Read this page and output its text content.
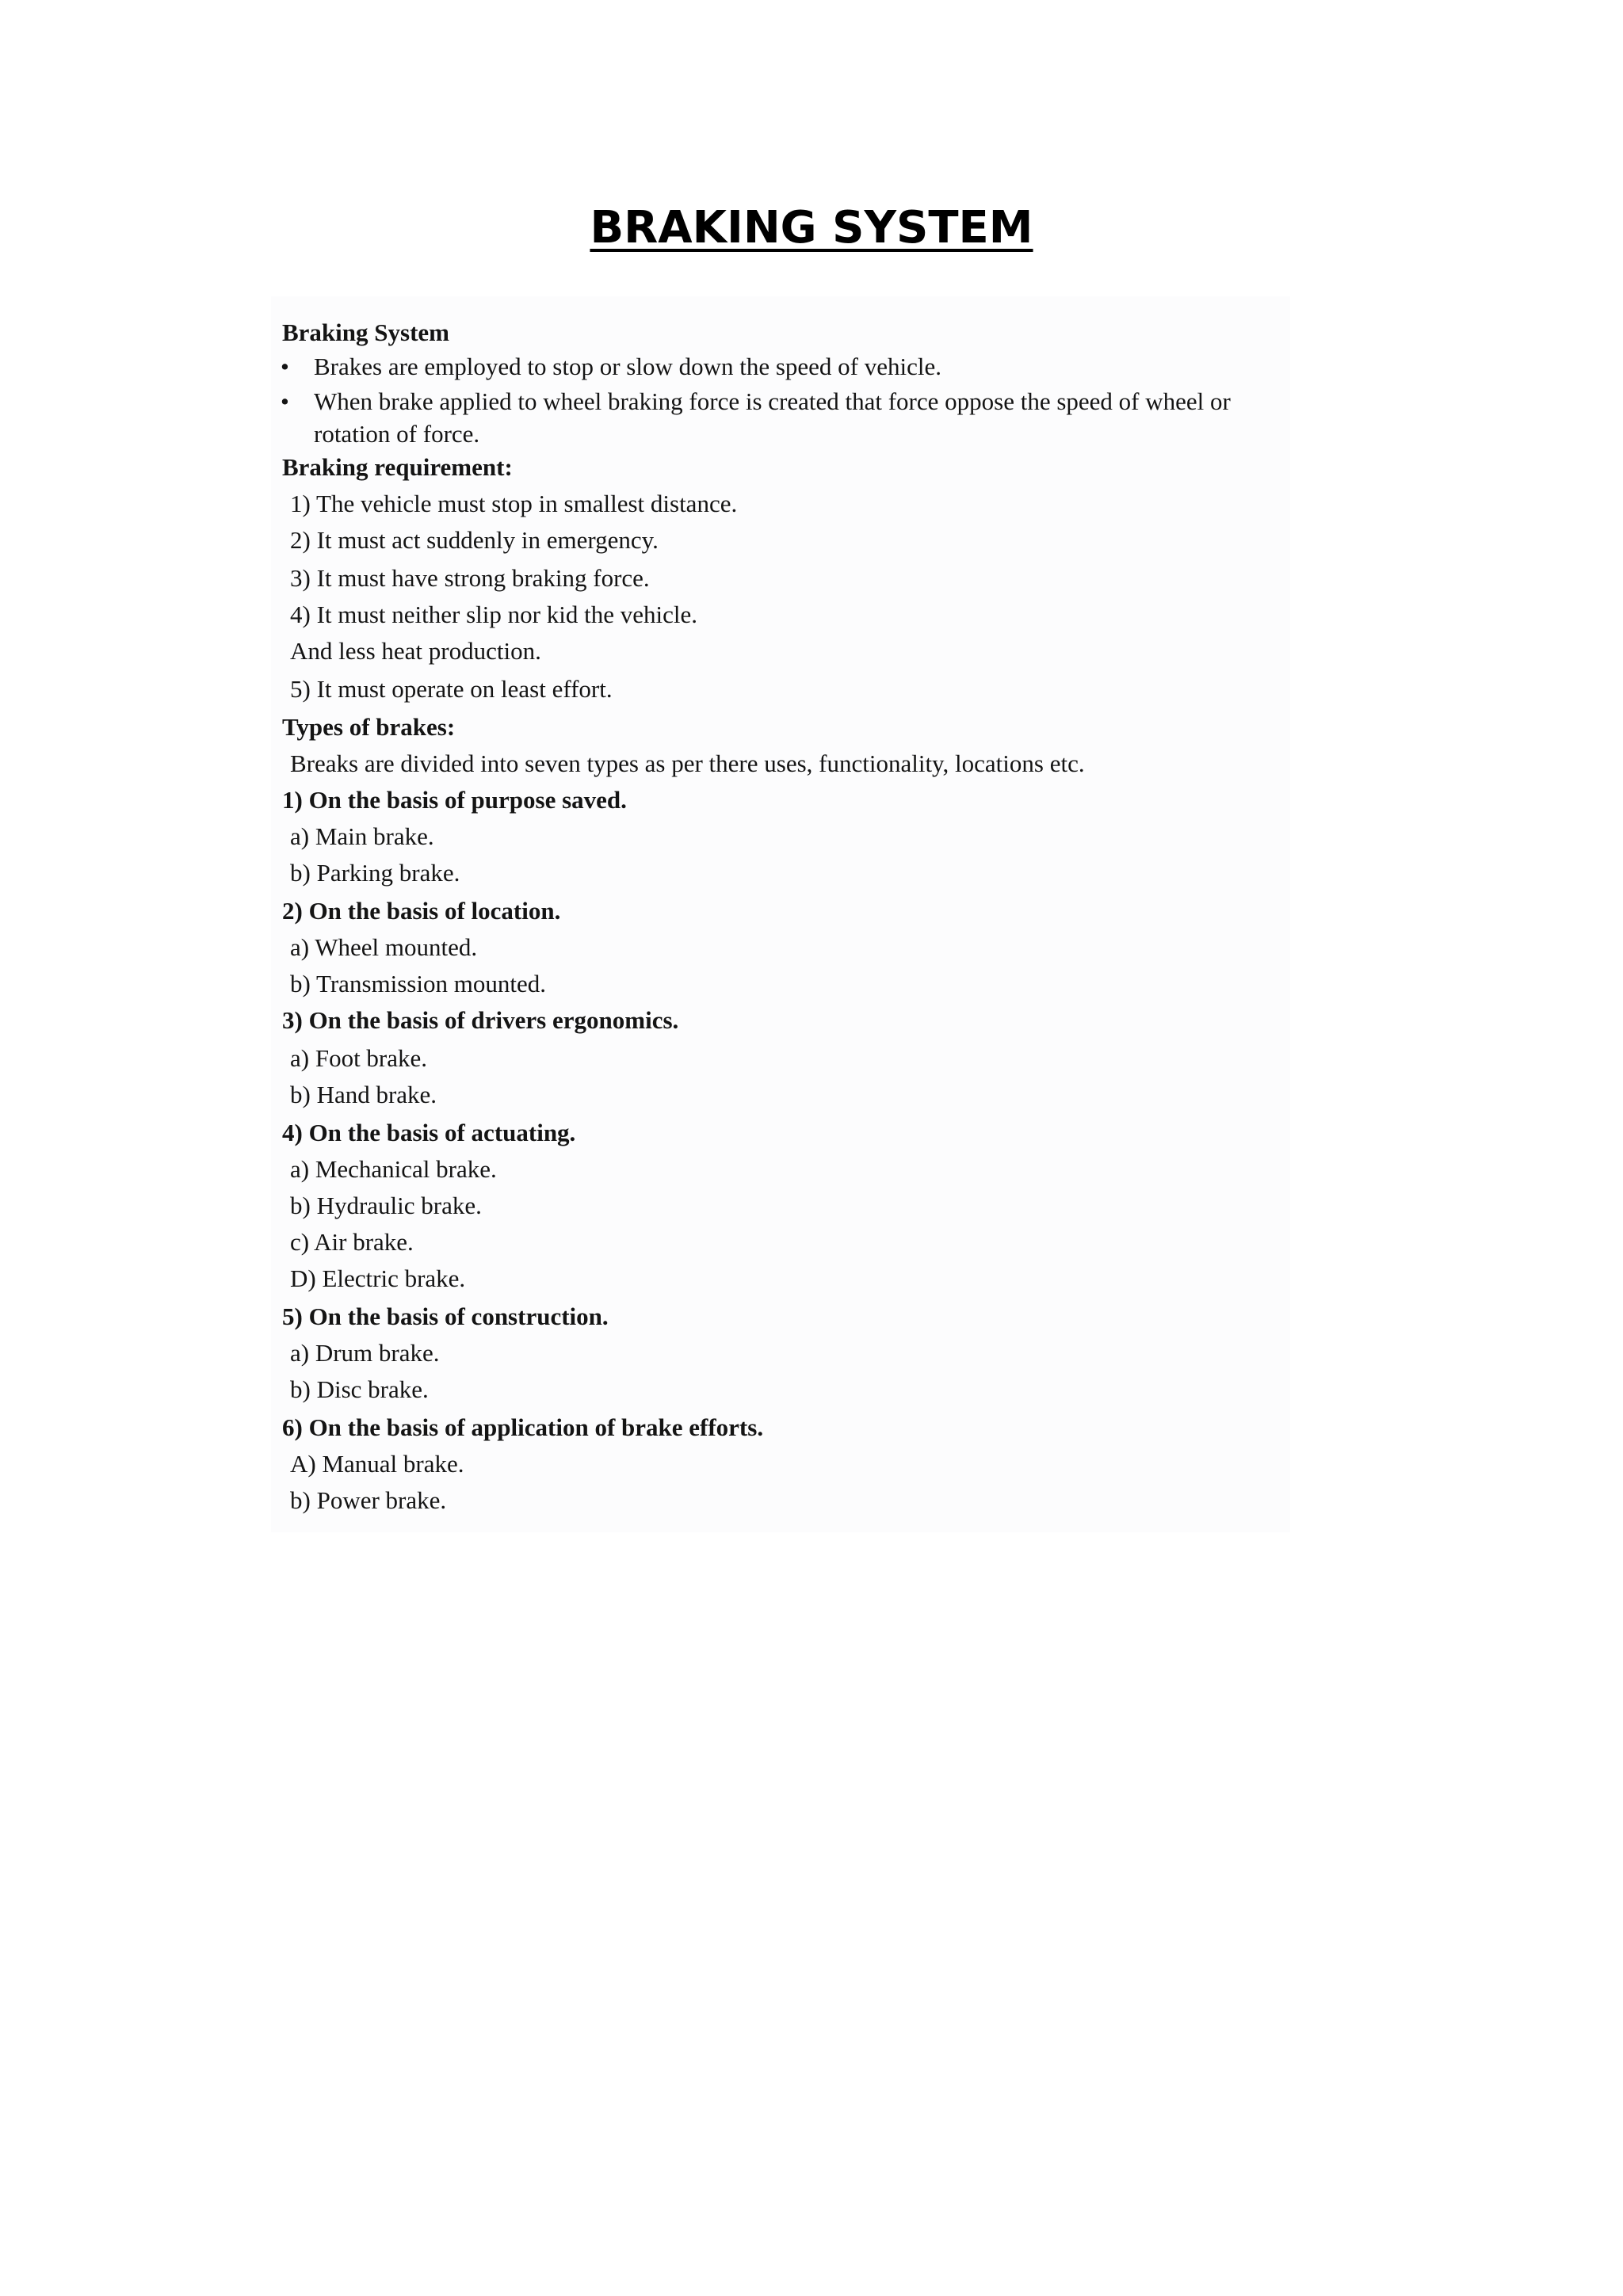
BRAKING SYSTEM
Braking System
• Brakes are employed to stop or slow down the speed of vehicle.
• When brake applied to wheel braking force is created that force oppose the speed of wheel or
rotation of force.
Braking requirement:
1) The vehicle must stop in smallest distance.
2) It must act suddenly in emergency.
3) It must have strong braking force.
4) It must neither slip nor kid the vehicle.
And less heat production.
5) It must operate on least effort.
Types of brakes:
Breaks are divided into seven types as per there uses, functionality, locations etc.
1) On the basis of purpose saved.
a) Main brake.
b) Parking brake.
2) On the basis of location.
a) Wheel mounted.
b) Transmission mounted.
3) On the basis of drivers ergonomics.
a) Foot brake.
b) Hand brake.
4) On the basis of actuating.
a) Mechanical brake.
b) Hydraulic brake.
c) Air brake.
D) Electric brake.
5) On the basis of construction.
a) Drum brake.
b) Disc brake.
6) On the basis of application of brake efforts.
A) Manual brake.
b) Power brake.
